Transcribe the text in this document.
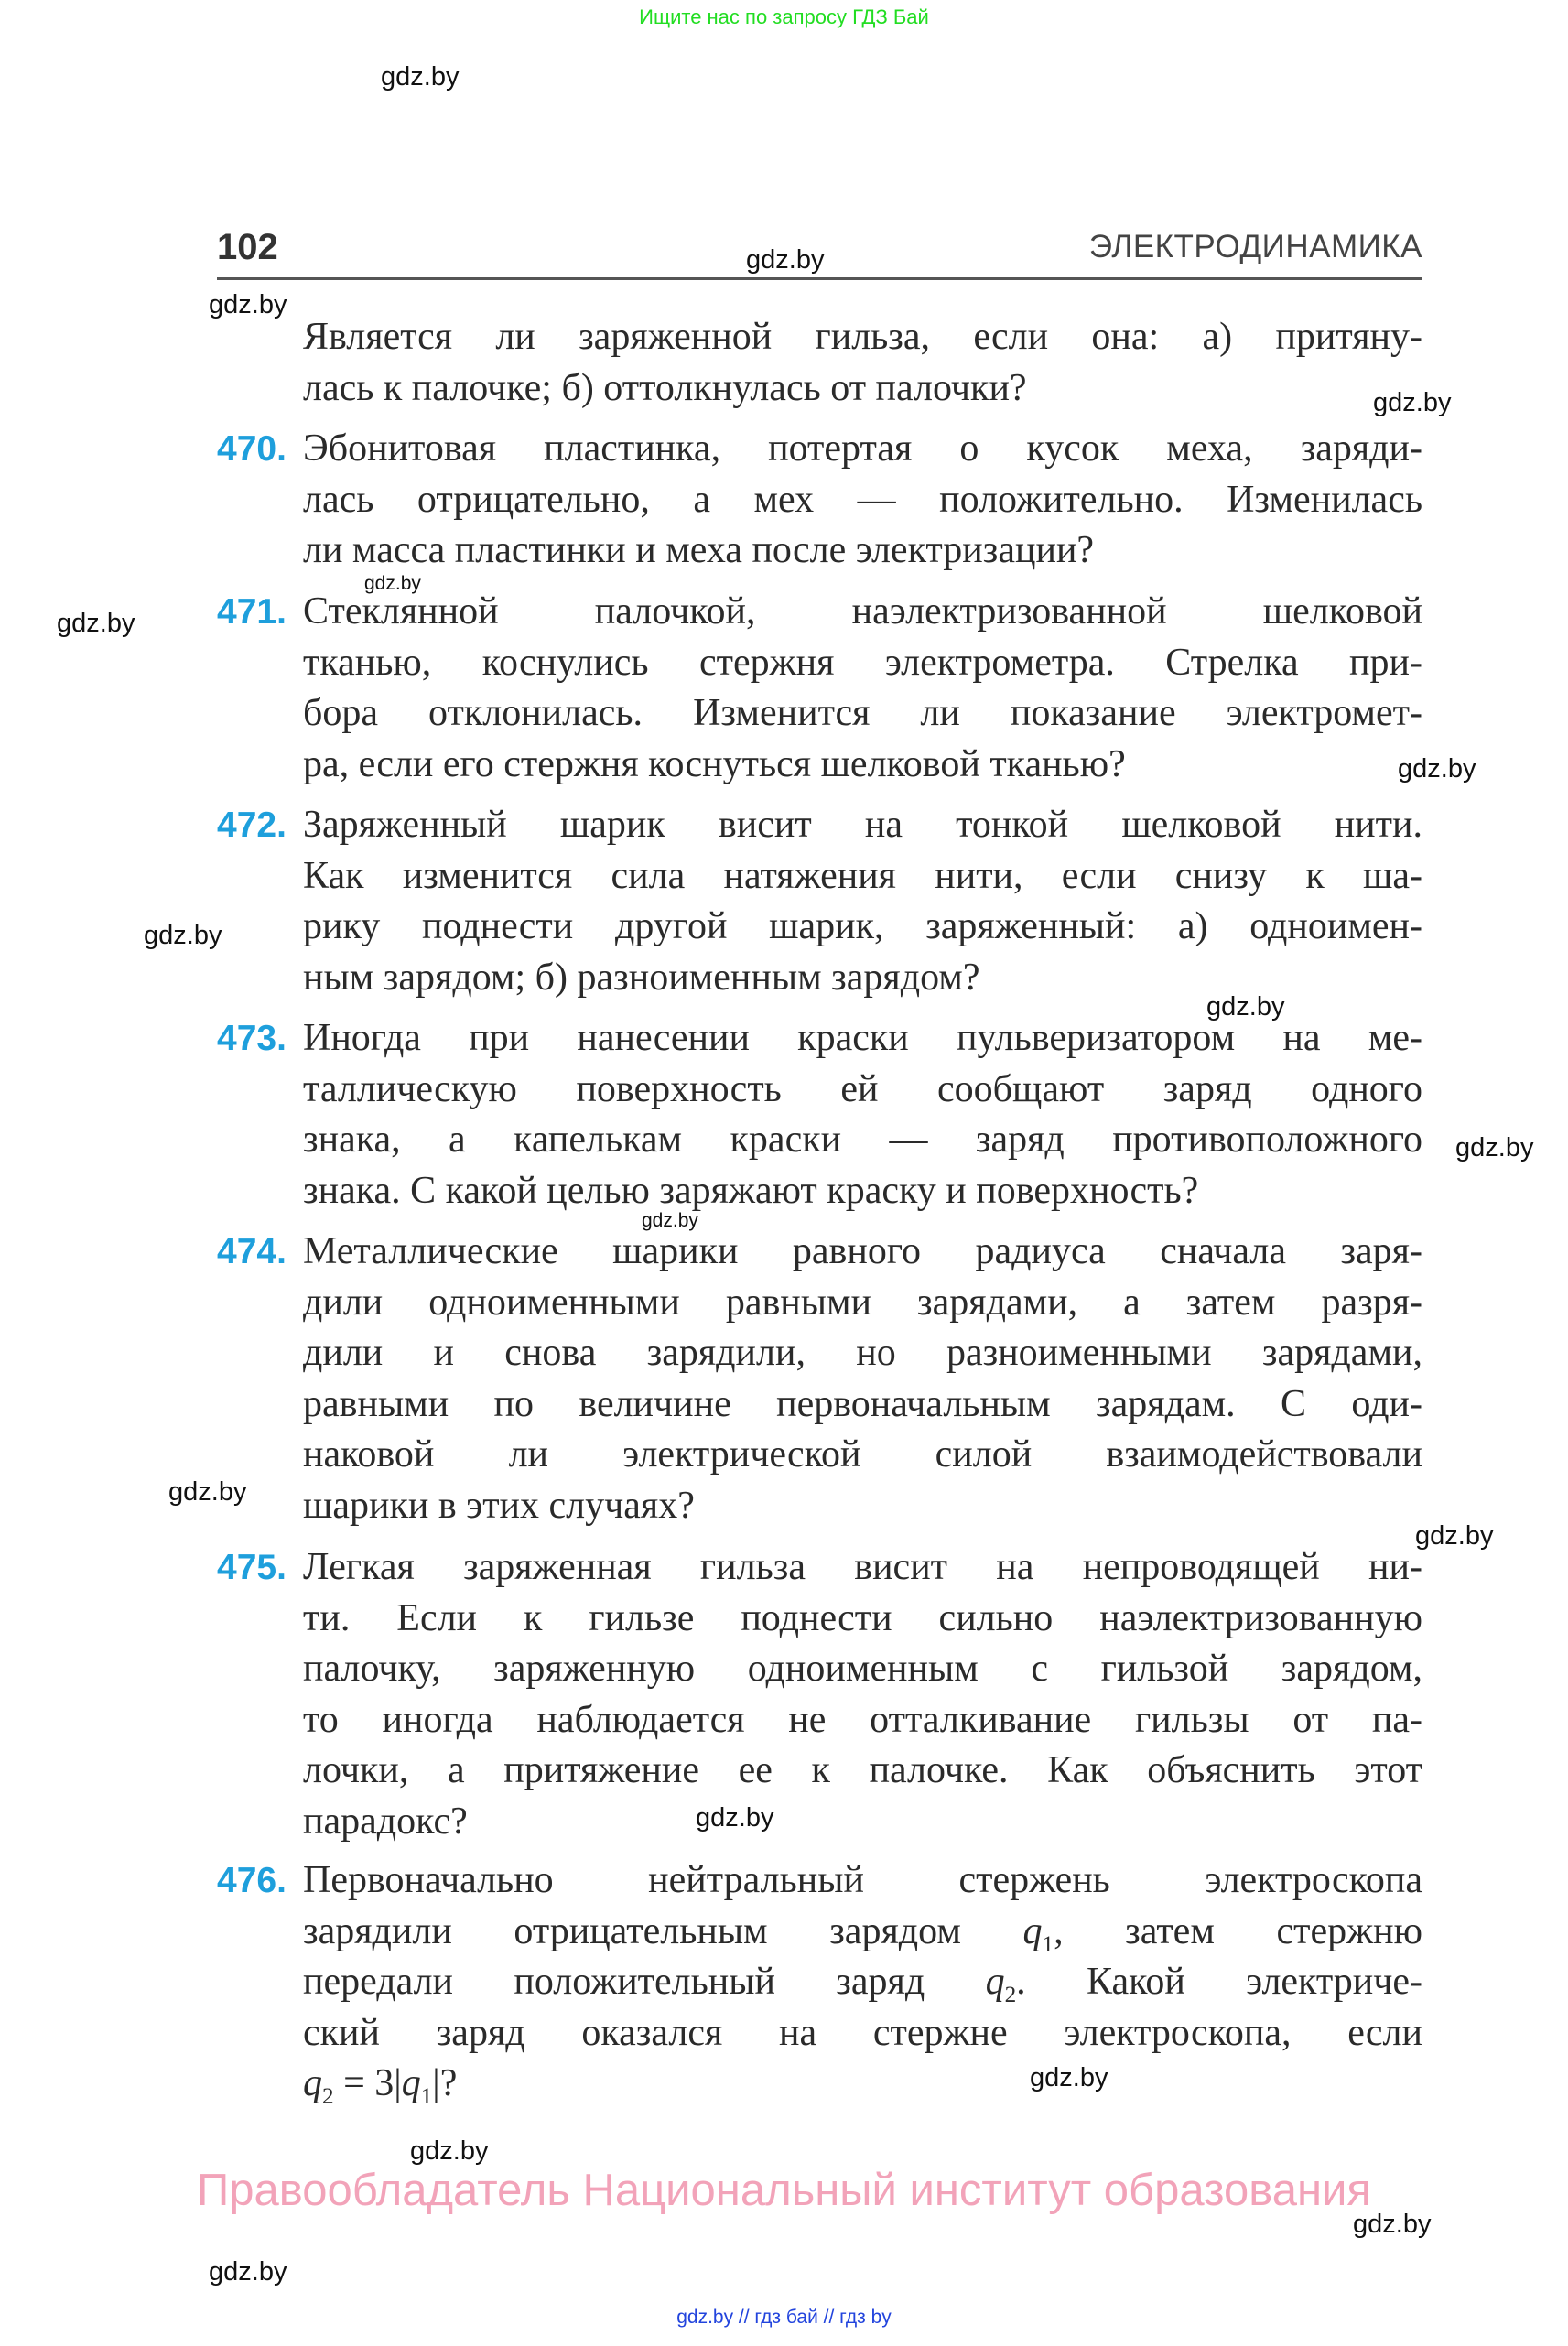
Ищите нас по запросу ГДЗ Бай
102	ЭЛЕКТРОДИНАМИКА
Является ли заряженной гильза, если она: а) притяну-
лась к палочке; б) оттолкнулась от палочки?
470. Эбонитовая пластинка, потертая о кусок меха, заряди-
лась отрицательно, а мех — положительно. Изменилась
ли масса пластинки и меха после электризации?
471. Стеклянной палочкой, наэлектризованной шелковой
тканью, коснулись стержня электрометра. Стрелка при-
бора отклонилась. Изменится ли показание электромет-
ра, если его стержня коснуться шелковой тканью?
472. Заряженный шарик висит на тонкой шелковой нити.
Как изменится сила натяжения нити, если снизу к ша-
рику поднести другой шарик, заряженный: а) одноимен-
ным зарядом; б) разноименным зарядом?
473. Иногда при нанесении краски пульверизатором на ме-
таллическую поверхность ей сообщают заряд одного
знака, а капелькам краски — заряд противоположного
знака. С какой целью заряжают краску и поверхность?
474. Металлические шарики равного радиуса сначала заря-
дили одноименными равными зарядами, а затем разря-
дили и снова зарядили, но разноименными зарядами,
равными по величине первоначальным зарядам. С оди-
наковой ли электрической силой взаимодействовали
шарики в этих случаях?
475. Легкая заряженная гильза висит на непроводящей ни-
ти. Если к гильзе поднести сильно наэлектризованную
палочку, заряженную одноименным с гильзой зарядом,
то иногда наблюдается не отталкивание гильзы от па-
лочки, а притяжение ее к палочке. Как объяснить этот
парадокс?
476. Первоначально нейтральный стержень электроскопа
зарядили отрицательным зарядом $q_1$, затем стержню
передали положительный заряд $q_2$. Какой электриче-
ский заряд оказался на стержне электроскопа, если
$q_2 = 3|q_1|$?
gdz.by
gdz.by
gdz.by
gdz.by
gdz.by
gdz.by
gdz.by
gdz.by
gdz.by
gdz.by
gdz.by
gdz.by
gdz.by
gdz.by
gdz.by
gdz.by
gdz.by
gdz.by
Правообладатель Национальный институт образования
gdz.by // гдз бай // гдз by
